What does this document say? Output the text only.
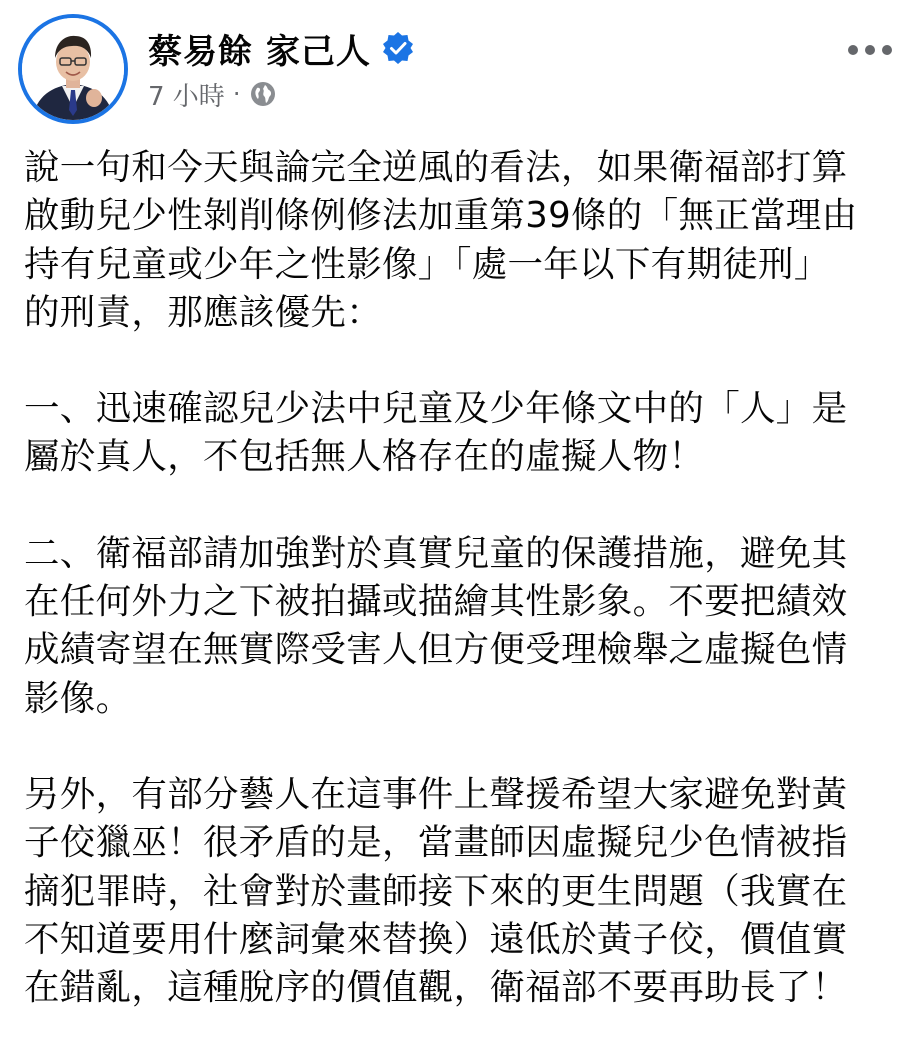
蔡易餘 家己人
7 小時 ·

說一句和今天與論完全逆風的看法，如果衛福部打算
啟動兒少性剝削條例修法加重第39條的「無正當理由
持有兒童或少年之性影像」「處一年以下有期徒刑」
的刑責，那應該優先：

一、迅速確認兒少法中兒童及少年條文中的「人」是
屬於真人，不包括無人格存在的虛擬人物！

二、衛福部請加強對於真實兒童的保護措施，避免其
在任何外力之下被拍攝或描繪其性影象。不要把績效
成績寄望在無實際受害人但方便受理檢舉之虛擬色情
影像。

另外，有部分藝人在這事件上聲援希望大家避免對黃
子佼獵巫！很矛盾的是，當畫師因虛擬兒少色情被指
摘犯罪時，社會對於畫師接下來的更生問題（我實在
不知道要用什麼詞彙來替換）遠低於黃子佼，價值實
在錯亂，這種脫序的價值觀，衛福部不要再助長了！
